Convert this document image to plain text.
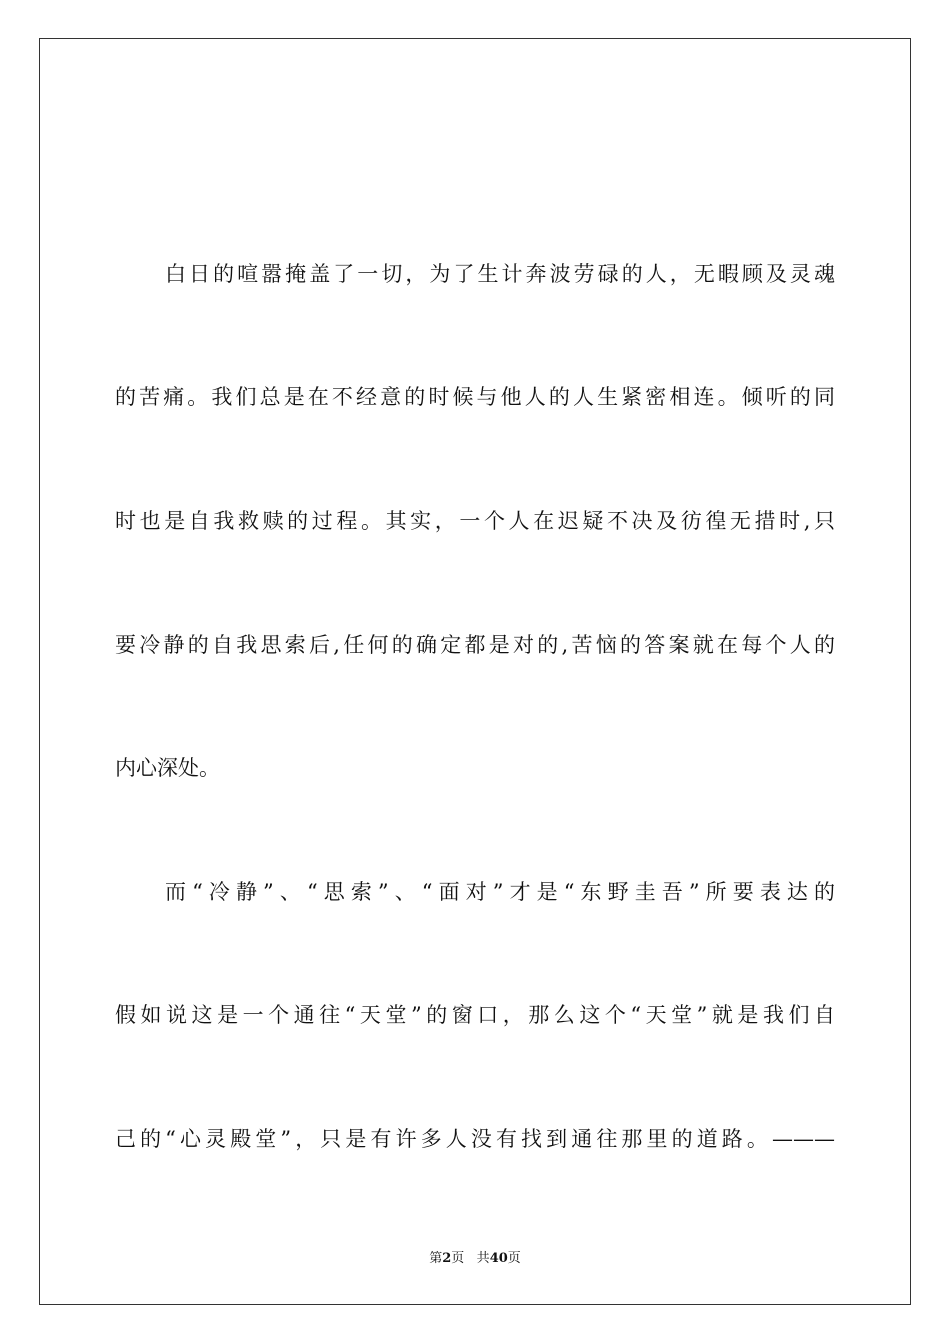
白日的喧嚣掩盖了一切，为了生计奔波劳碌的人，无暇顾及灵魂
的苦痛。我们总是在不经意的时候与他人的人生紧密相连。倾听的同
时也是自我救赎的过程。其实，一个人在迟疑不决及彷徨无措时,只
要冷静的自我思索后,任何的确定都是对的,苦恼的答案就在每个人的
内心深处。
而“冷静”、“思索”、“面对”才是“东野圭吾”所要表达的
假如说这是一个通往“天堂”的窗口，那么这个“天堂”就是我们自
己的“心灵殿堂”，只是有许多人没有找到通往那里的道路。———
第2页 共40页
